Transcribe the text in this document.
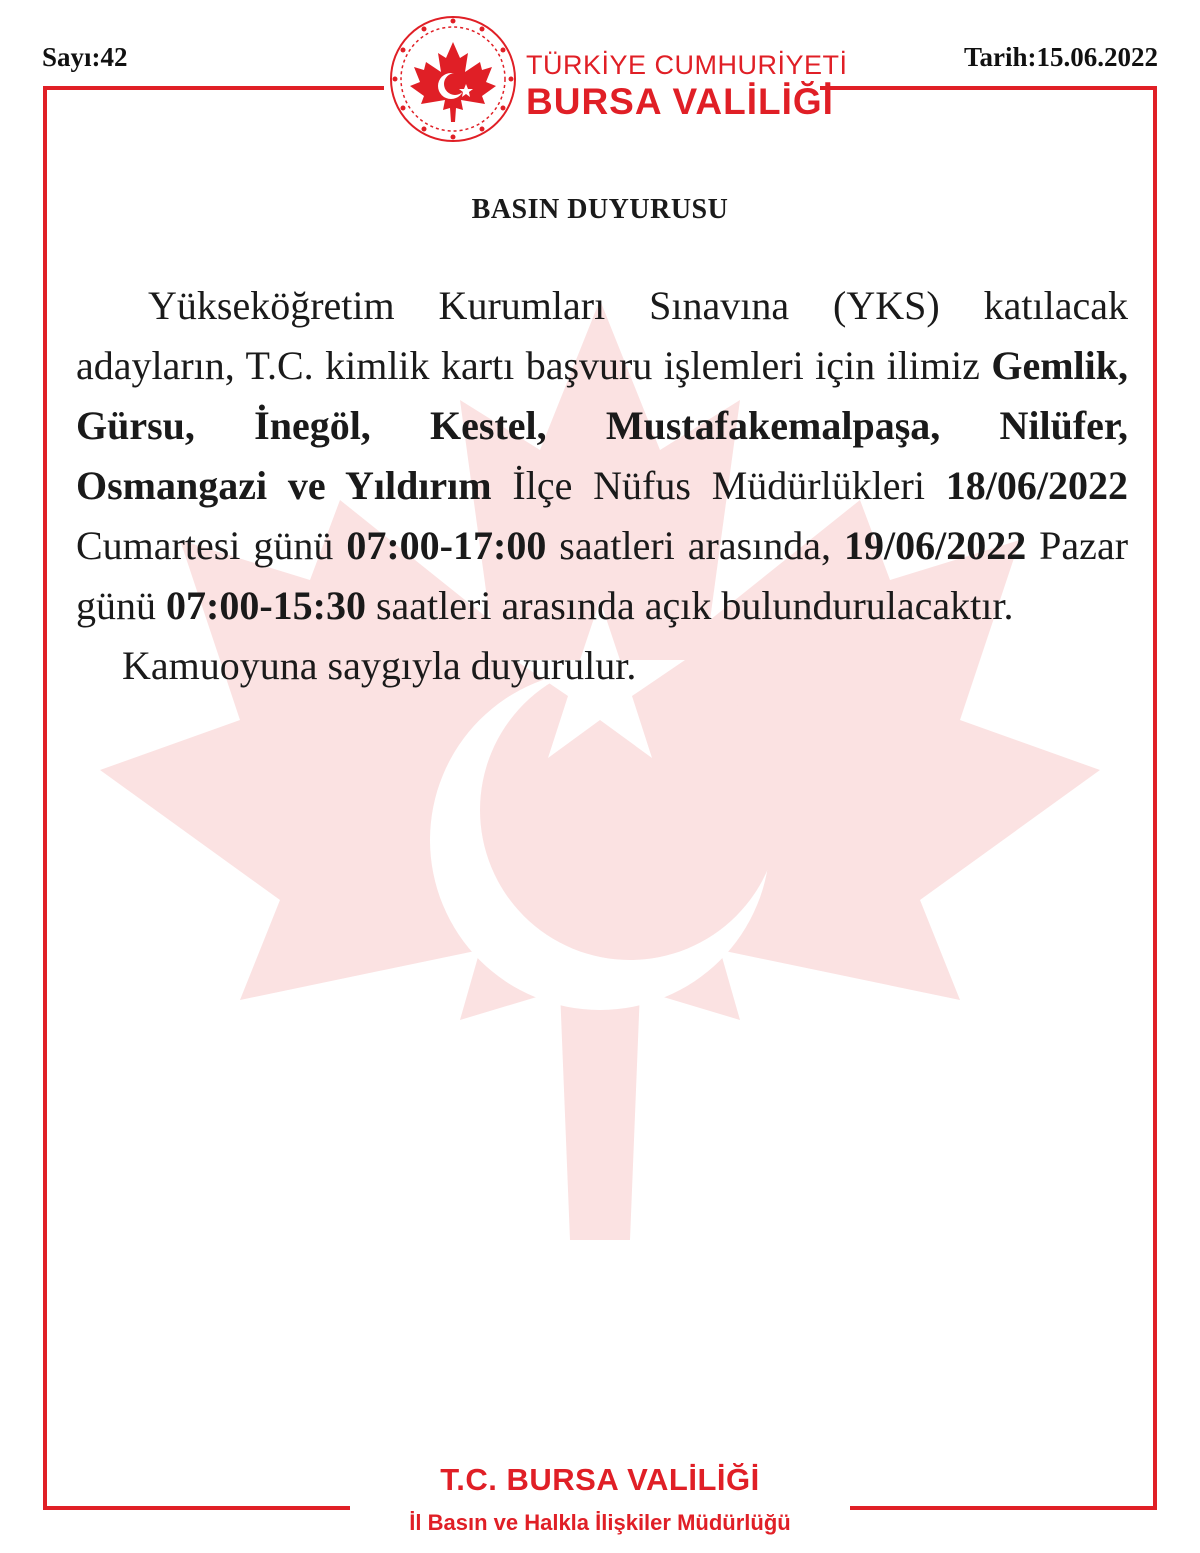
Sayı:42	Tarih:15.06.2022
TÜRKİYE CUMHURİYETİ
BURSA VALİLİĞİ
BASIN DUYURUSU

Yükseköğretim Kurumları Sınavına (YKS) katılacak adayların, T.C. kimlik kartı başvuru işlemleri için ilimiz Gemlik, Gürsu, İnegöl, Kestel, Mustafakemalpaşa, Nilüfer, Osmangazi ve Yıldırım İlçe Nüfus Müdürlükleri 18/06/2022 Cumartesi günü 07:00-17:00 saatleri arasında, 19/06/2022 Pazar günü 07:00-15:30 saatleri arasında açık bulundurulacaktır.

Kamuoyuna saygıyla duyurulur.

T.C. BURSA VALİLİĞİ
İl Basın ve Halkla İlişkiler Müdürlüğü
